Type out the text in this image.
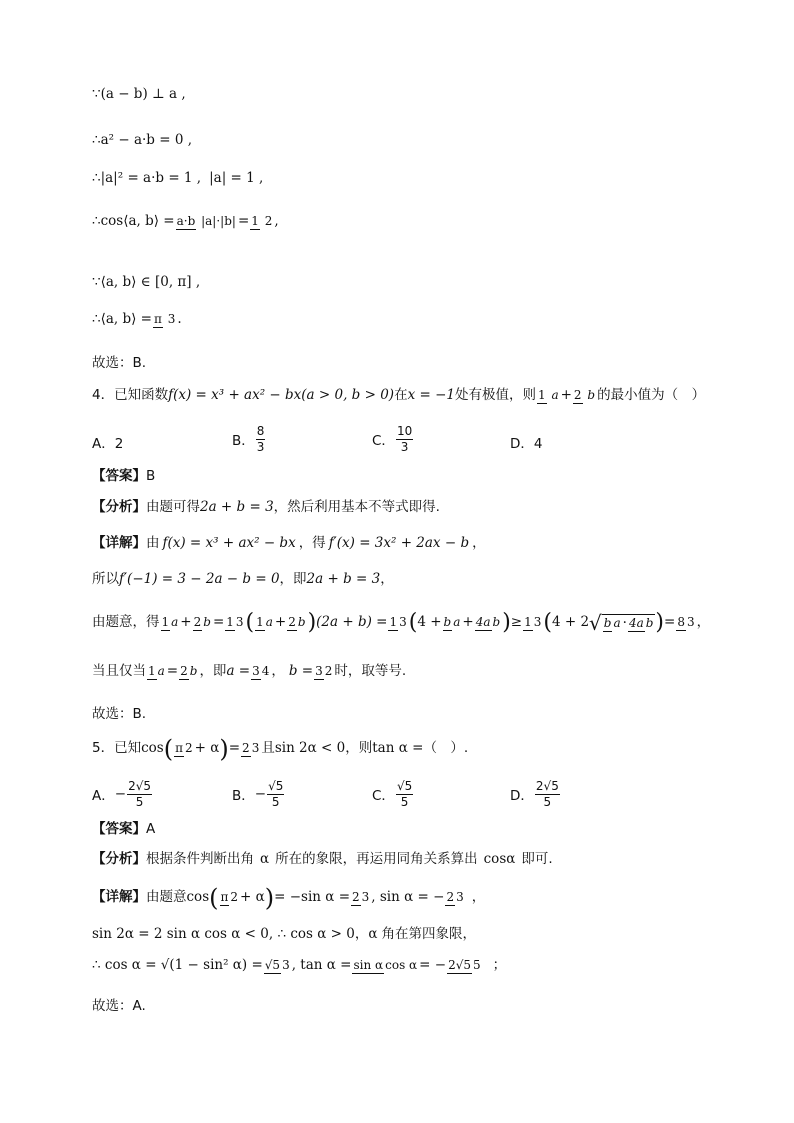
∵(a − b) ⊥ a ,
∴a² − a·b = 0 ,
∴|a|² = a·b = 1 , |a| = 1 ,
∴cos⟨a, b⟩ = a·b |a|·|b| = 1 2 ,
∵⟨a, b⟩ ∈ [0, π] ,
∴⟨a, b⟩ = π 3 .
故选：B.
4．已知函数 f(x) = x³ + ax² − bx(a > 0, b > 0) 在 x = −1 处有极值，则 1 a + 2 b 的最小值为（　）
A．2	B． $\frac{8}{3}$	C． $\frac{10}{3}$	D．4
【答案】 B
【分析】 由题可得 2a + b = 3 ，然后利用基本不等式即得.
【详解】 由 f(x) = x³ + ax² − bx ，得 f′(x) = 3x² + 2ax − b ，
所以 f′(−1) = 3 − 2a − b = 0 ，即 2a + b = 3 ，
由题意，得 1 a + 2 b = 1 3 ( 1 a + 2 b ) (2a + b) = 1 3 ( 4 + b a + 4a b ) ≥ 1 3 ( 4 + 2 √ b a · 4a b ) = 8 3 ，
当且仅当 1 a = 2 b ，即 a = 3 4 ， b = 3 2 时，取等号.
故选：B.
5．已知 cos ( π 2 + α ) = 2 3 且 sin 2α < 0 ，则 tan α = （　）.
A． − $\frac{2√5}{5}$	B． − $\frac{√5}{5}$	C． $\frac{√5}{5}$	D． $\frac{2√5}{5}$
【答案】 A
【分析】 根据条件判断出角 α 所在的象限，再运用同角关系算出 cosα 即可.
【详解】 由题意 cos ( π 2 + α ) = −sin α = 2 3 , sin α = − 2 3 ，
sin 2α = 2 sin α cos α < 0, ∴ cos α > 0 ， α 角在第四象限，
∴ cos α = √(1 − sin² α) = √5 3 , tan α = sin α cos α = − 2√5 5 ；
故选：A.
